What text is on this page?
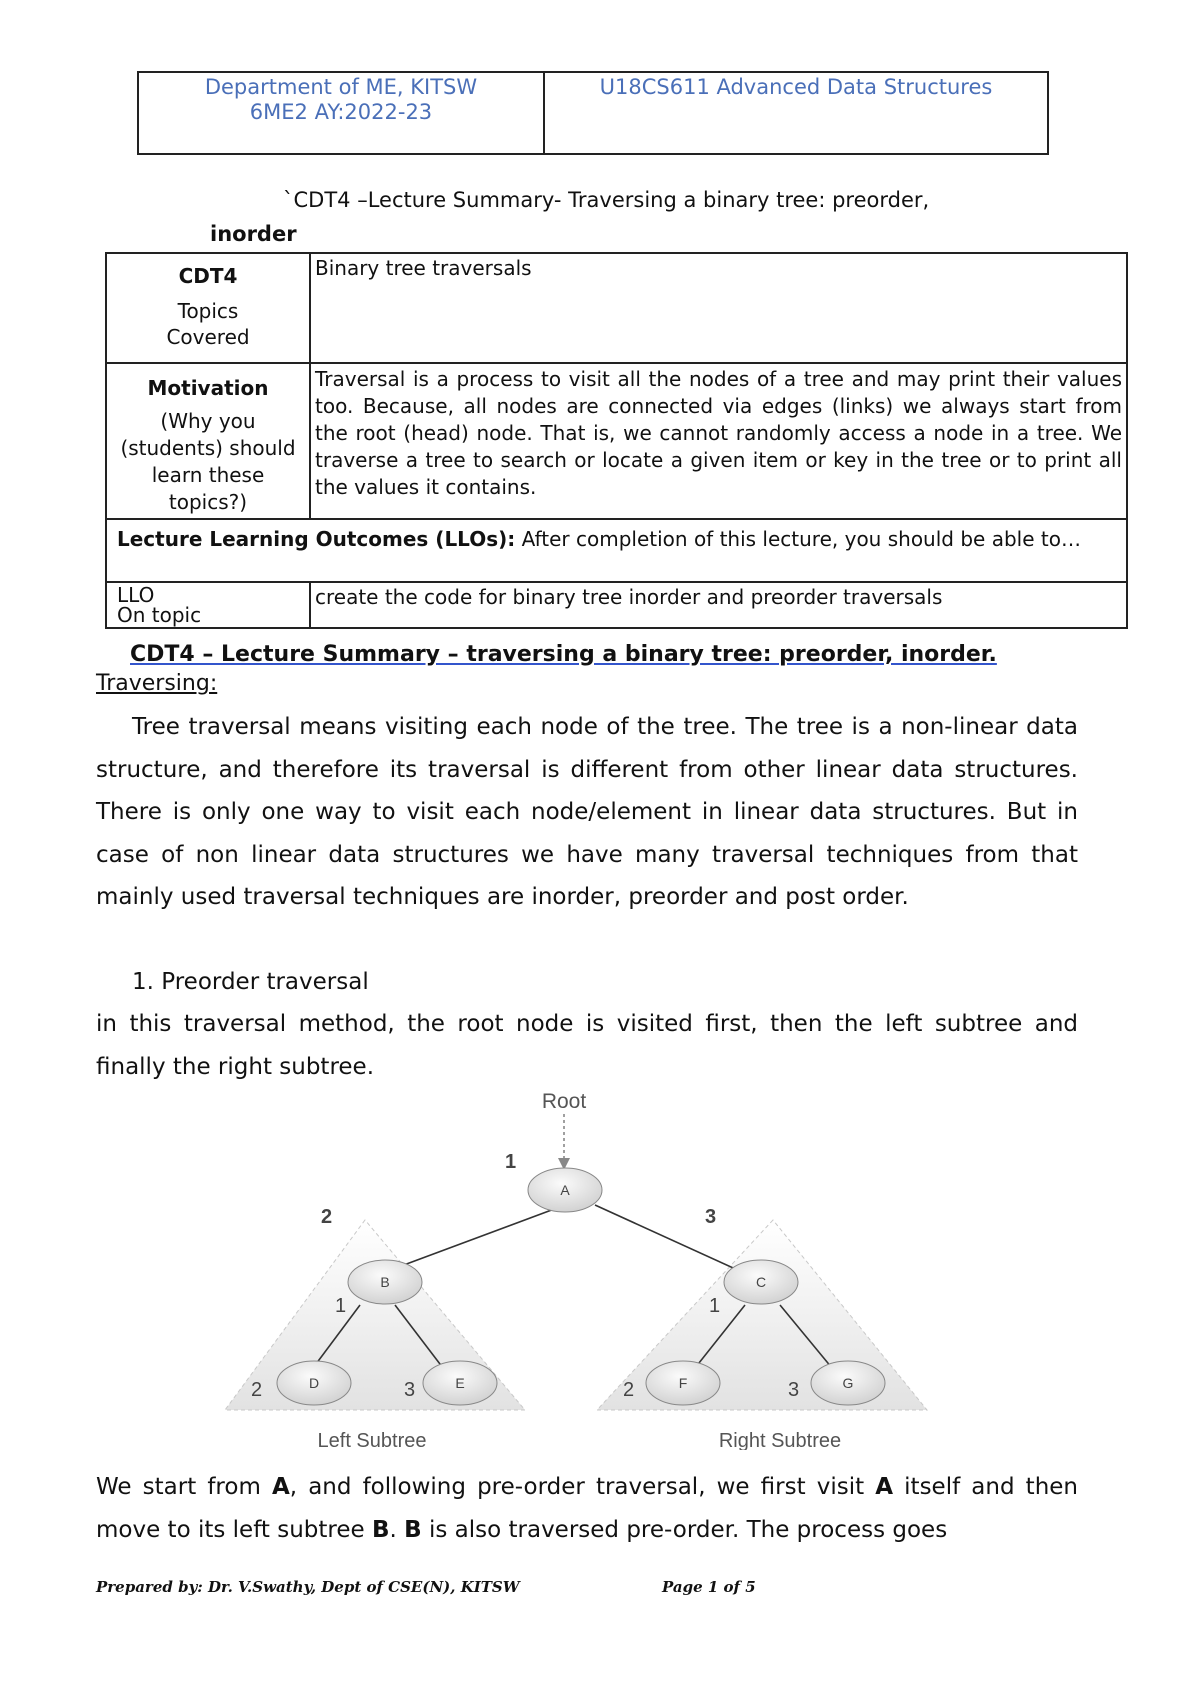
Department of ME, KITSW
6ME2 AY:2022-23
U18CS611 Advanced Data Structures
`CDT4 –Lecture Summary- Traversing a binary tree: preorder,
inorder
CDT4
Topics Covered	Binary tree traversals

Motivation
(Why you (students) should learn these topics?)	Traversal is a process to visit all the nodes of a tree and may print their values too. Because, all nodes are connected via edges (links) we always start from the root (head) node. That is, we cannot randomly access a node in a tree. We traverse a tree to search or locate a given item or key in the tree or to print all the values it contains.
Lecture Learning Outcomes (LLOs): After completion of this lecture, you should be able to…	

LLO
On topic	create the code for binary tree inorder and preorder traversals
CDT4 – Lecture Summary – traversing a binary tree: preorder, inorder.
Traversing:
Tree traversal means visiting each node of the tree. The tree is a non-linear data structure, and therefore its traversal is different from other linear data structures. There is only one way to visit each node/element in linear data structures. But in case of non linear data structures we have many traversal techniques from that mainly used traversal techniques are inorder, preorder and post order.
1. Preorder traversal
in this traversal method, the root node is visited first, then the left subtree and finally the right subtree.
Root
A
B	C
D	E	F	G
1
2	3
1
2	3
1
2	3
Left Subtree	Right Subtree
We start from A, and following pre-order traversal, we first visit A itself and then move to its left subtree B. B is also traversed pre-order. The process goes
Prepared by: Dr. V.Swathy, Dept of CSE(N), KITSW	Page 1 of 5
